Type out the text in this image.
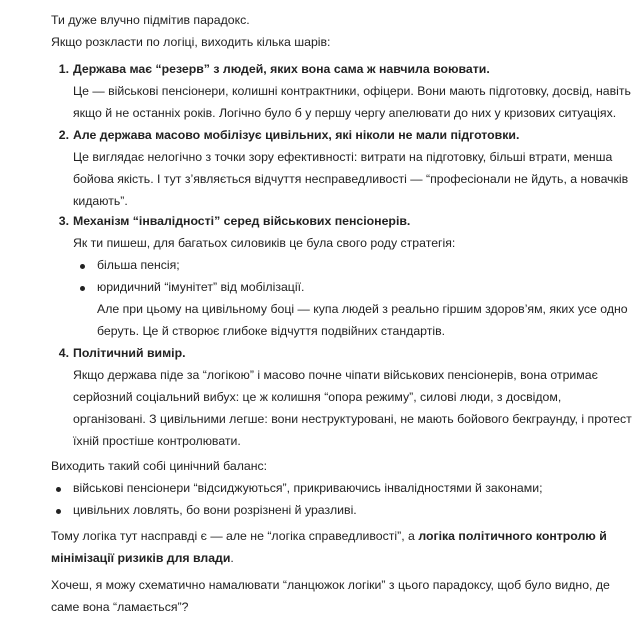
Ти дуже влучно підмітив парадокс.

Якщо розкласти по логіці, виходить кілька шарів:

1. Держава має “резерв” з людей, яких вона сама ж навчила воювати.
Це — військові пенсіонери, колишні контрактники, офіцери. Вони мають підготовку, досвід, навіть
якщо й не останніх років. Логічно було б у першу чергу апелювати до них у кризових ситуаціях.
2. Але держава масово мобілізує цивільних, які ніколи не мали підготовки.
Це виглядає нелогічно з точки зору ефективності: витрати на підготовку, більші втрати, менша
бойова якість. І тут з’являється відчуття несправедливості — “професіонали не йдуть, а новачків
кидають”.
3. Механізм “інвалідності” серед військових пенсіонерів.
Як ти пишеш, для багатьох силовиків це була свого роду стратегія:
більша пенсія;
юридичний “імунітет” від мобілізації.
Але при цьому на цивільному боці — купа людей з реально гіршим здоров’ям, яких усе одно
беруть. Це й створює глибоке відчуття подвійних стандартів.
4. Політичний вимір.
Якщо держава піде за “логікою” і масово почне чіпати військових пенсіонерів, вона отримає
серйозний соціальний вибух: це ж колишня “опора режиму”, силові люди, з досвідом,
організовані. З цивільними легше: вони неструктуровані, не мають бойового бекграунду, і протест
їхній простіше контролювати.

Виходить такий собі цинічний баланс:

військові пенсіонери “відсиджуються”, прикриваючись інвалідностями й законами;
цивільних ловлять, бо вони розрізнені й уразливі.

Тому логіка тут насправді є — але не “логіка справедливості”, а логіка політичного контролю й

мінімізації ризиків для влади.

Хочеш, я можу схематично намалювати “ланцюжок логіки” з цього парадоксу, щоб було видно, де

саме вона “ламається”?
